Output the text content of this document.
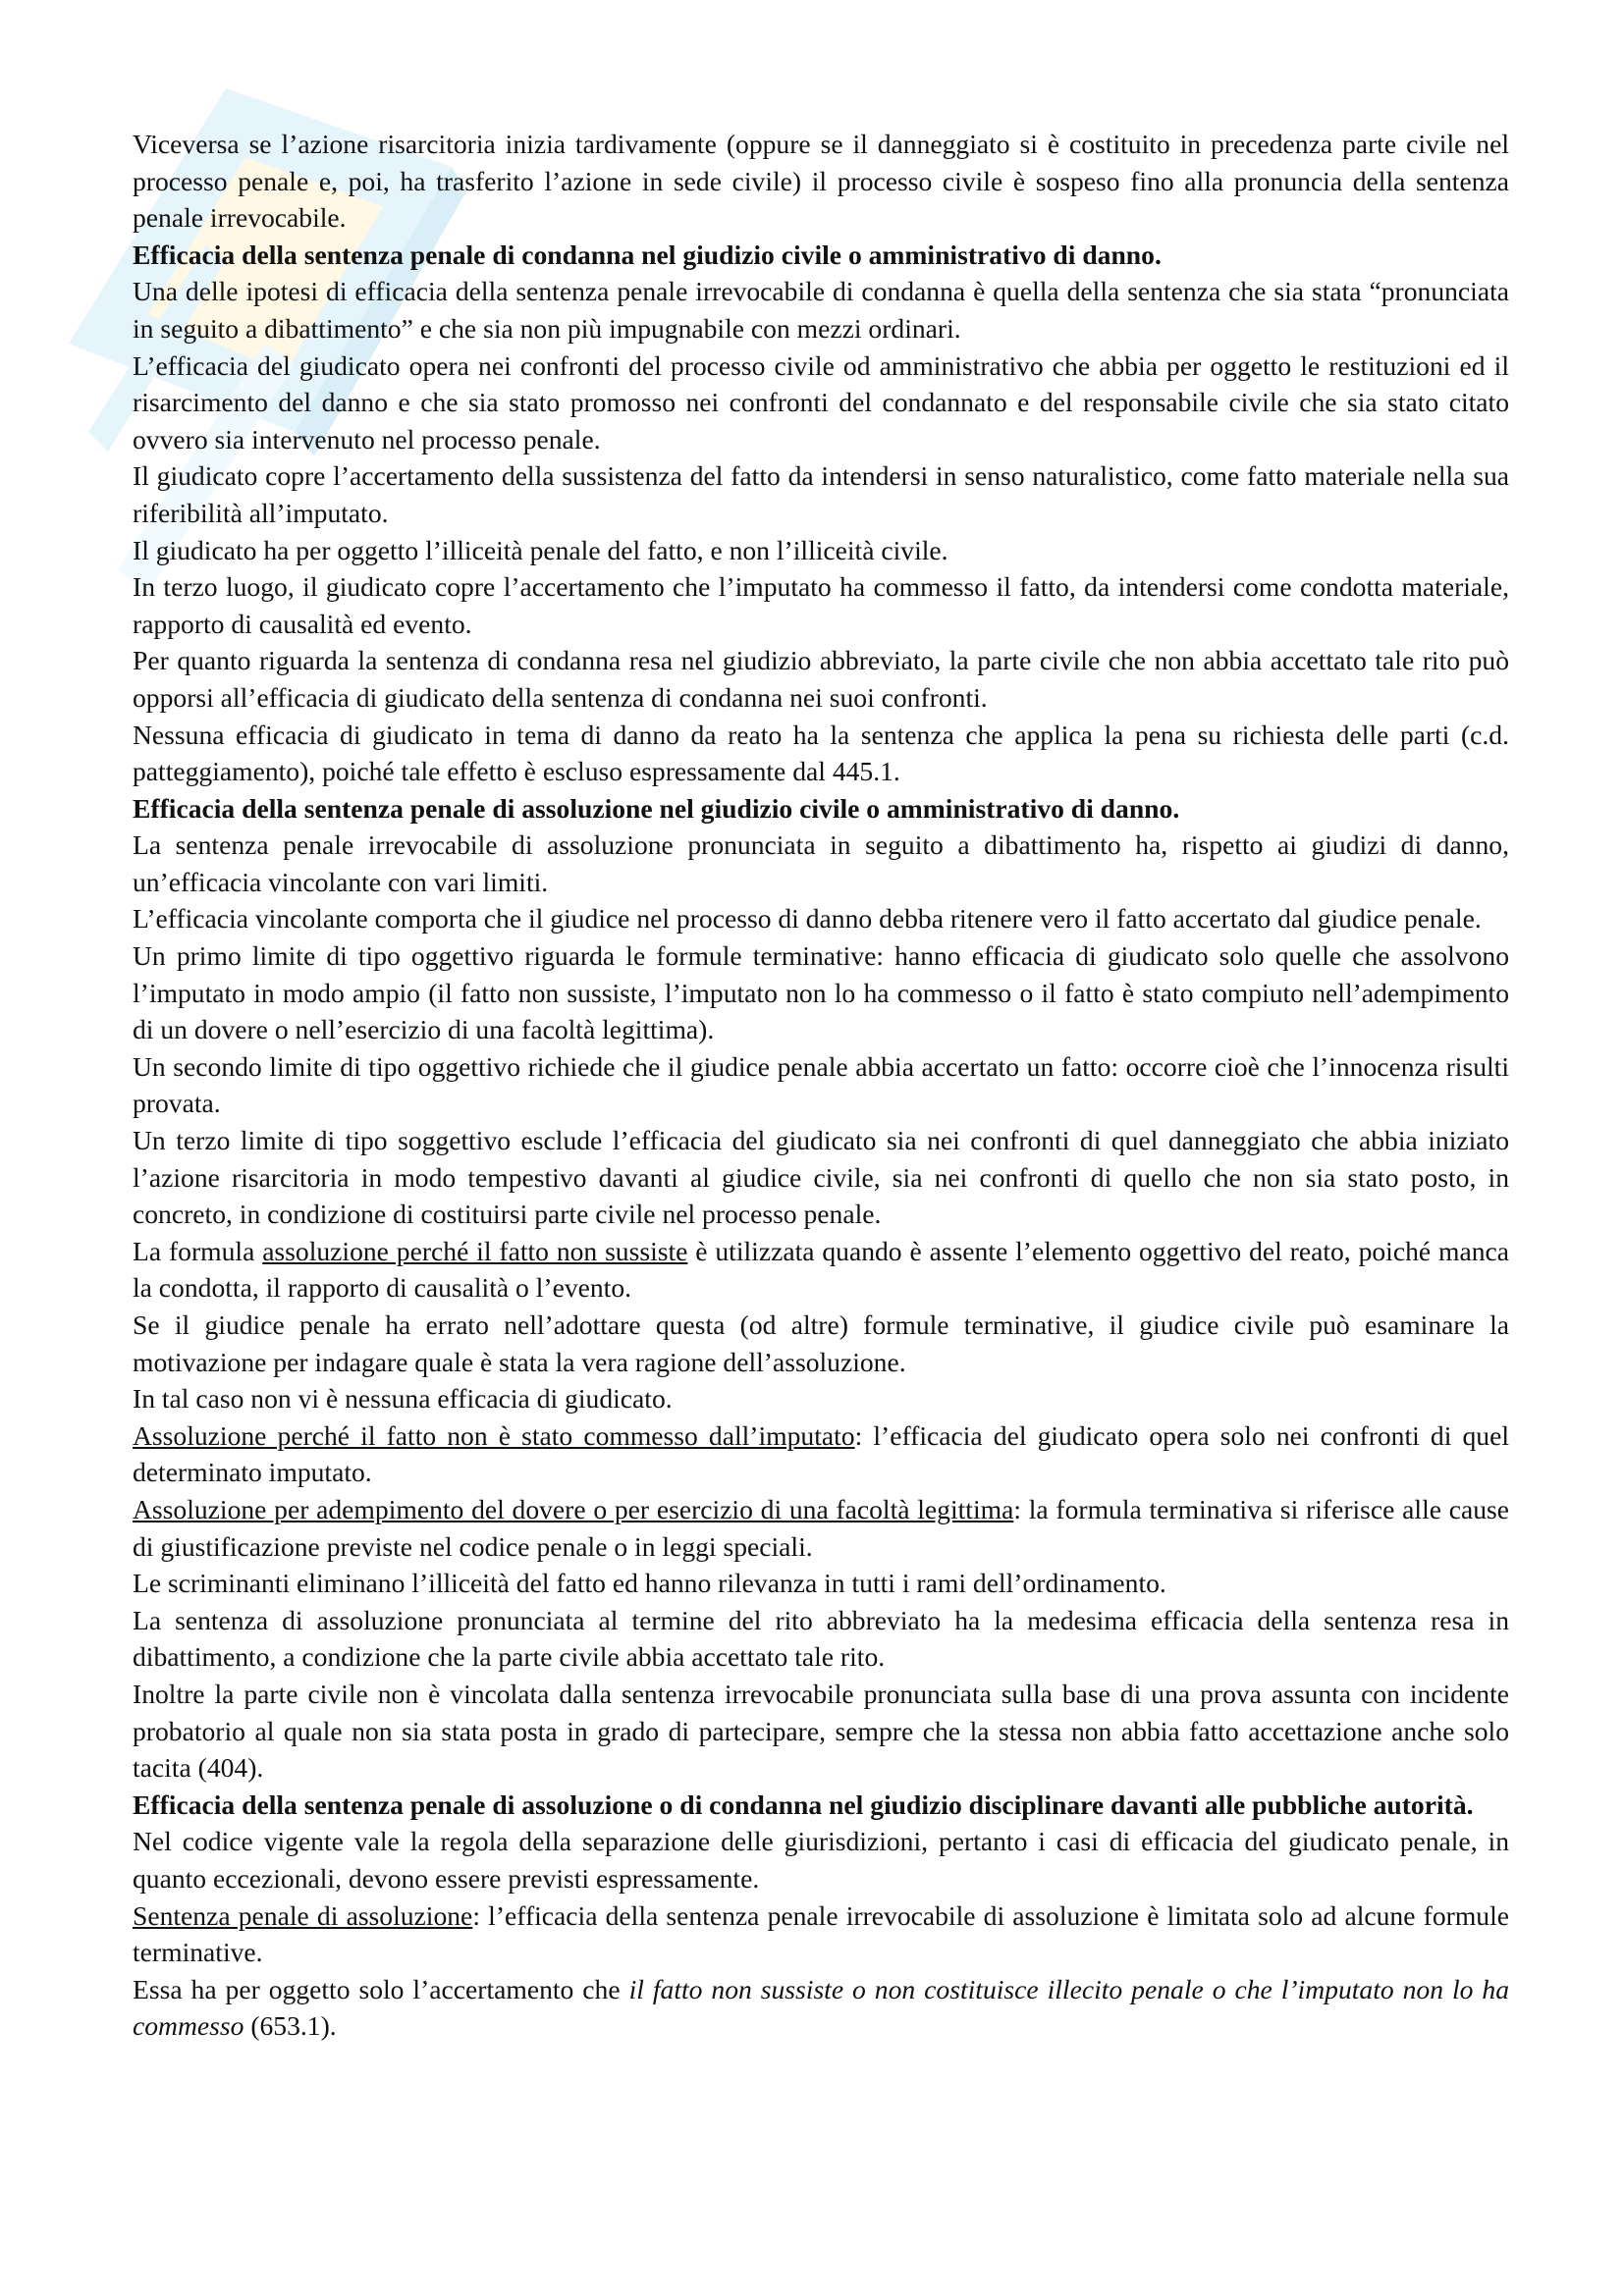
Viceversa se l’azione risarcitoria inizia tardivamente (oppure se il danneggiato si è costituito in precedenza parte civile nel processo penale e, poi, ha trasferito l’azione in sede civile) il processo civile è sospeso fino alla pronuncia della sentenza penale irrevocabile.

Efficacia della sentenza penale di condanna nel giudizio civile o amministrativo di danno.

Una delle ipotesi di efficacia della sentenza penale irrevocabile di condanna è quella della sentenza che sia stata “pronunciata in seguito a dibattimento” e che sia non più impugnabile con mezzi ordinari.

L’efficacia del giudicato opera nei confronti del processo civile od amministrativo che abbia per oggetto le restituzioni ed il risarcimento del danno e che sia stato promosso nei confronti del condannato e del responsabile civile che sia stato citato ovvero sia intervenuto nel processo penale.

Il giudicato copre l’accertamento della sussistenza del fatto da intendersi in senso naturalistico, come fatto materiale nella sua riferibilità all’imputato.

Il giudicato ha per oggetto l’illiceità penale del fatto, e non l’illiceità civile.

In terzo luogo, il giudicato copre l’accertamento che l’imputato ha commesso il fatto, da intendersi come condotta materiale, rapporto di causalità ed evento.

Per quanto riguarda la sentenza di condanna resa nel giudizio abbreviato, la parte civile che non abbia accettato tale rito può opporsi all’efficacia di giudicato della sentenza di condanna nei suoi confronti.

Nessuna efficacia di giudicato in tema di danno da reato ha la sentenza che applica la pena su richiesta delle parti (c.d. patteggiamento), poiché tale effetto è escluso espressamente dal 445.1.

Efficacia della sentenza penale di assoluzione nel giudizio civile o amministrativo di danno.

La sentenza penale irrevocabile di assoluzione pronunciata in seguito a dibattimento ha, rispetto ai giudizi di danno, un’efficacia vincolante con vari limiti.

L’efficacia vincolante comporta che il giudice nel processo di danno debba ritenere vero il fatto accertato dal giudice penale.

Un primo limite di tipo oggettivo riguarda le formule terminative: hanno efficacia di giudicato solo quelle che assolvono l’imputato in modo ampio (il fatto non sussiste, l’imputato non lo ha commesso o il fatto è stato compiuto nell’adempimento di un dovere o nell’esercizio di una facoltà legittima).

Un secondo limite di tipo oggettivo richiede che il giudice penale abbia accertato un fatto: occorre cioè che l’innocenza risulti provata.

Un terzo limite di tipo soggettivo esclude l’efficacia del giudicato sia nei confronti di quel danneggiato che abbia iniziato l’azione risarcitoria in modo tempestivo davanti al giudice civile, sia nei confronti di quello che non sia stato posto, in concreto, in condizione di costituirsi parte civile nel processo penale.

La formula assoluzione perché il fatto non sussiste è utilizzata quando è assente l’elemento oggettivo del reato, poiché manca la condotta, il rapporto di causalità o l’evento.

Se il giudice penale ha errato nell’adottare questa (od altre) formule terminative, il giudice civile può esaminare la motivazione per indagare quale è stata la vera ragione dell’assoluzione.

In tal caso non vi è nessuna efficacia di giudicato.

Assoluzione perché il fatto non è stato commesso dall’imputato: l’efficacia del giudicato opera solo nei confronti di quel determinato imputato.

Assoluzione per adempimento del dovere o per esercizio di una facoltà legittima: la formula terminativa si riferisce alle cause di giustificazione previste nel codice penale o in leggi speciali.

Le scriminanti eliminano l’illiceità del fatto ed hanno rilevanza in tutti i rami dell’ordinamento.

La sentenza di assoluzione pronunciata al termine del rito abbreviato ha la medesima efficacia della sentenza resa in dibattimento, a condizione che la parte civile abbia accettato tale rito.

Inoltre la parte civile non è vincolata dalla sentenza irrevocabile pronunciata sulla base di una prova assunta con incidente probatorio al quale non sia stata posta in grado di partecipare, sempre che la stessa non abbia fatto accettazione anche solo tacita (404).

Efficacia della sentenza penale di assoluzione o di condanna nel giudizio disciplinare davanti alle pubbliche autorità.

Nel codice vigente vale la regola della separazione delle giurisdizioni, pertanto i casi di efficacia del giudicato penale, in quanto eccezionali, devono essere previsti espressamente.

Sentenza penale di assoluzione: l’efficacia della sentenza penale irrevocabile di assoluzione è limitata solo ad alcune formule terminative.

Essa ha per oggetto solo l’accertamento che il fatto non sussiste o non costituisce illecito penale o che l’imputato non lo ha commesso (653.1).
